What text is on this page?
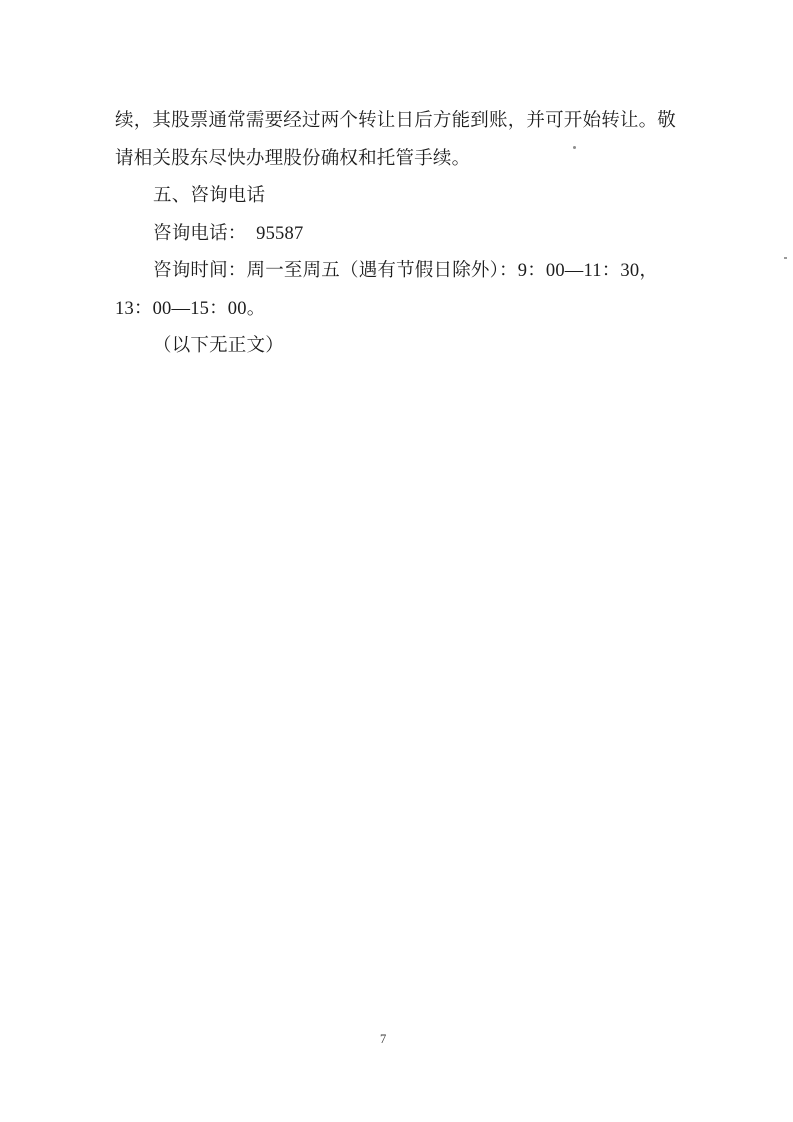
续，其股票通常需要经过两个转让日后方能到账，并可开始转让。敬
请相关股东尽快办理股份确权和托管手续。
五、咨询电话
咨询电话：  95587
咨询时间：周一至周五（遇有节假日除外）：9：00—11：30，
13：00—15：00。
（以下无正文）
7
